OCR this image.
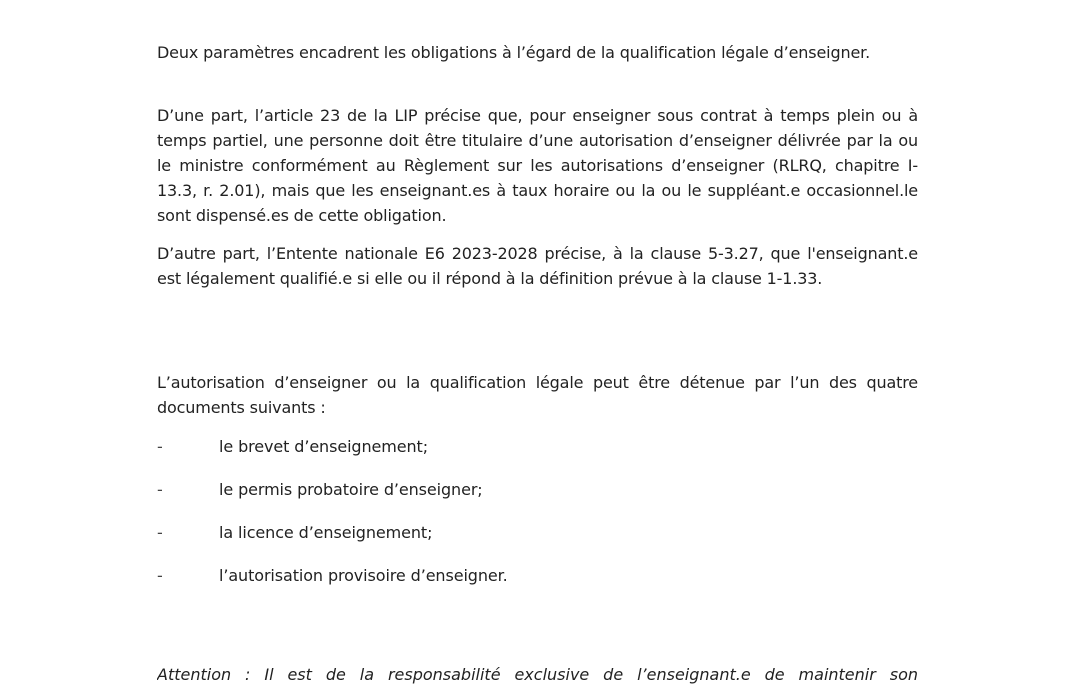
Deux paramètres encadrent les obligations à l’égard de la qualification légale d’enseigner.

D’une part, l’article 23 de la LIP précise que, pour enseigner sous contrat à temps plein ou à temps partiel, une personne doit être titulaire d’une autorisation d’enseigner délivrée par la ou le ministre conformément au Règlement sur les autorisations d’enseigner (RLRQ, chapitre I-13.3, r. 2.01), mais que les enseignant.es à taux horaire ou la ou le suppléant.e occasionnel.le sont dispensé.es de cette obligation.

D’autre part, l’Entente nationale E6 2023-2028 précise, à la clause 5-3.27, que l'enseignant.e est légalement qualifié.e si elle ou il répond à la définition prévue à la clause 1-1.33.

L’autorisation d’enseigner ou la qualification légale peut être détenue par l’un des quatre documents suivants :

-	le brevet d’enseignement;
-	le permis probatoire d’enseigner;
-	la licence d’enseignement;
-	l’autorisation provisoire d’enseigner.

Attention : Il est de la responsabilité exclusive de l’enseignant.e de maintenir son
